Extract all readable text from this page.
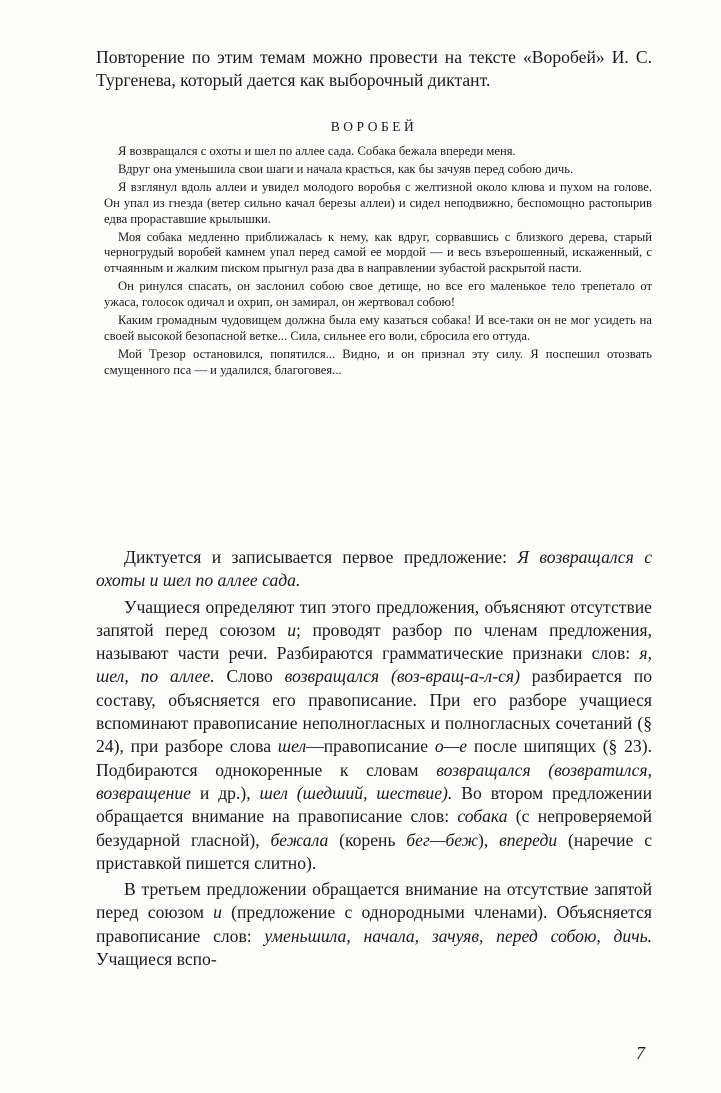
Повторение по этим темам можно провести на тексте «Воробей» И. С. Тургенева, который дается как выборочный диктант.

ВОРОБЕЙ

Я возвращался с охоты и шел по аллее сада. Собака бежала впереди меня.

Вдруг она уменьшила свои шаги и начала красться, как бы зачуяв перед собою дичь.

Я взглянул вдоль аллеи и увидел молодого воробья с желтизной около клюва и пухом на голове. Он упал из гнезда (ветер сильно качал березы аллеи) и сидел неподвижно, беспомощно растопырив едва прораставшие крылышки.

Моя собака медленно приближалась к нему, как вдруг, сорвавшись с близкого дерева, старый черногрудый воробей камнем упал перед самой ее мордой — и весь взъерошенный, искаженный, с отчаянным и жалким писком прыгнул раза два в направлении зубастой раскрытой пасти.

Он ринулся спасать, он заслонил собою свое детище, но все его маленькое тело трепетало от ужаса, голосок одичал и охрип, он замирал, он жертвовал собою!

Каким громадным чудовищем должна была ему казаться собака! И все-таки он не мог усидеть на своей высокой безопасной ветке... Сила, сильнее его воли, сбросила его оттуда.

Мой Трезор остановился, попятился... Видно, и он признал эту силу. Я поспешил отозвать смущенного пса — и удалился, благоговея...

Диктуется и записывается первое предложение: Я возвращался с охоты и шел по аллее сада.

Учащиеся определяют тип этого предложения, объясняют отсутствие запятой перед союзом и; проводят разбор по членам предложения, называют части речи. Разбираются грамматические признаки слов: я, шел, по аллее. Слово возвращался (воз-вращ-а-л-ся) разбирается по составу, объясняется его правописание. При его разборе учащиеся вспоминают правописание неполногласных и полногласных сочетаний (§ 24), при разборе слова шел—правописание о—е после шипящих (§ 23). Подбираются однокоренные к словам возвращался (возвратился, возвращение и др.), шел (шедший, шествие). Во втором предложении обращается внимание на правописание слов: собака (с непроверяемой безударной гласной), бежала (корень бег—беж), впереди (наречие с приставкой пишется слитно).

В третьем предложении обращается внимание на отсутствие запятой перед союзом и (предложение с однородными членами). Объясняется правописание слов: уменьшила, начала, зачуяв, перед собою, дичь. Учащиеся вспо-

7
